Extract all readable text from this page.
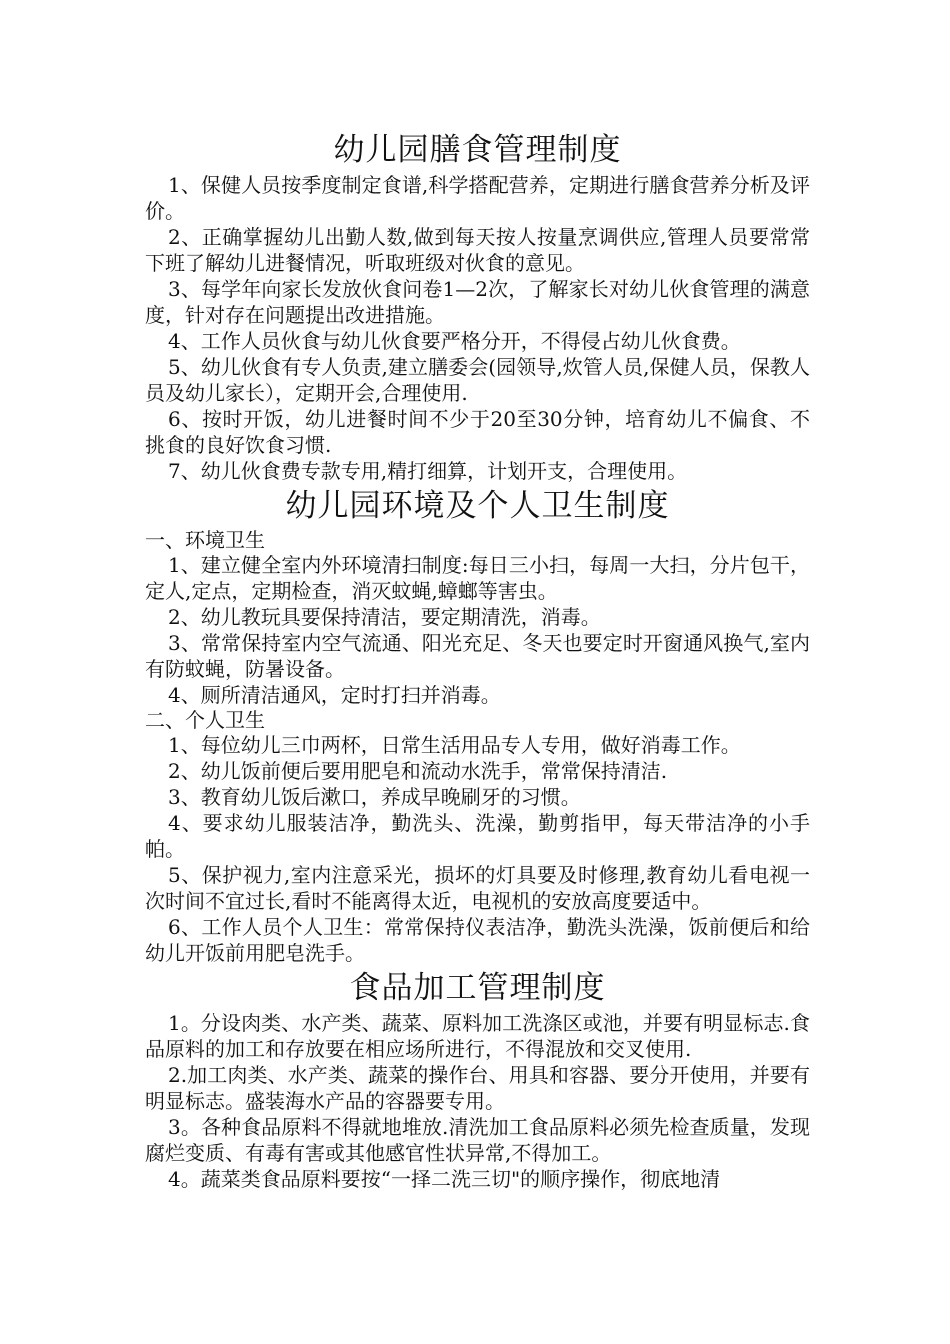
幼儿园膳食管理制度

1、保健人员按季度制定食谱,科学搭配营养，定期进行膳食营养分析及评价。

2、正确掌握幼儿出勤人数,做到每天按人按量烹调供应,管理人员要常常下班了解幼儿进餐情况，听取班级对伙食的意见。

3、每学年向家长发放伙食问卷1—2次，了解家长对幼儿伙食管理的满意度，针对存在问题提出改进措施。

4、工作人员伙食与幼儿伙食要严格分开，不得侵占幼儿伙食费。

5、幼儿伙食有专人负责,建立膳委会(园领导,炊管人员,保健人员，保教人员及幼儿家长），定期开会,合理使用.

6、按时开饭，幼儿进餐时间不少于20至30分钟，培育幼儿不偏食、不挑食的良好饮食习惯.

7、幼儿伙食费专款专用,精打细算，计划开支，合理使用。

幼儿园环境及个人卫生制度

一、环境卫生

1、建立健全室内外环境清扫制度:每日三小扫，每周一大扫，分片包干，定人,定点，定期检查，消灭蚊蝇,蟑螂等害虫。

2、幼儿教玩具要保持清洁，要定期清洗，消毒。

3、常常保持室内空气流通、阳光充足、冬天也要定时开窗通风换气,室内有防蚊蝇，防暑设备。

4、厕所清洁通风，定时打扫并消毒。

二、个人卫生

1、每位幼儿三巾两杯，日常生活用品专人专用，做好消毒工作。

2、幼儿饭前便后要用肥皂和流动水洗手，常常保持清洁.

3、教育幼儿饭后漱口，养成早晚刷牙的习惯。

4、要求幼儿服装洁净，勤洗头、洗澡，勤剪指甲，每天带洁净的小手帕。

5、保护视力,室内注意采光，损坏的灯具要及时修理,教育幼儿看电视一次时间不宜过长,看时不能离得太近，电视机的安放高度要适中。

6、工作人员个人卫生：常常保持仪表洁净，勤洗头洗澡，饭前便后和给幼儿开饭前用肥皂洗手。

食品加工管理制度

1。分设肉类、水产类、蔬菜、原料加工洗涤区或池，并要有明显标志.食品原料的加工和存放要在相应场所进行，不得混放和交叉使用.

2.加工肉类、水产类、蔬菜的操作台、用具和容器、要分开使用，并要有明显标志。盛装海水产品的容器要专用。

3。各种食品原料不得就地堆放.清洗加工食品原料必须先检查质量，发现腐烂变质、有毒有害或其他感官性状异常,不得加工。

4。蔬菜类食品原料要按“一择二洗三切"的顺序操作，彻底地清
